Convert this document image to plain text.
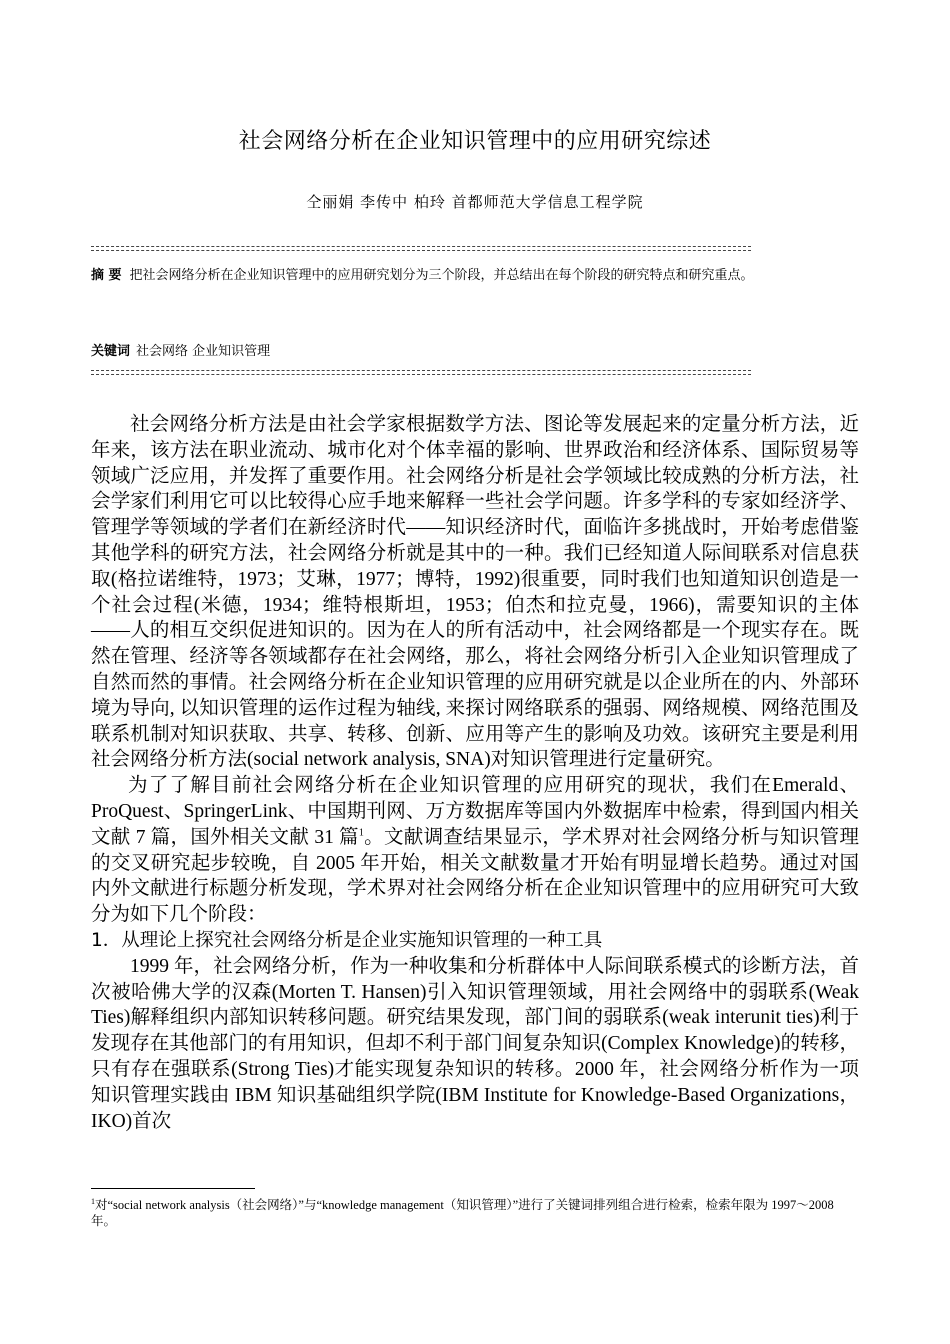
社会网络分析在企业知识管理中的应用研究综述
仝丽娟 李传中 柏玲 首都师范大学信息工程学院
摘 要 把社会网络分析在企业知识管理中的应用研究划分为三个阶段，并总结出在每个阶段的研究特点和研究重点。
关键词 社会网络 企业知识管理

社会网络分析方法是由社会学家根据数学方法、图论等发展起来的定量分析方法，近年来，该方法在职业流动、城市化对个体幸福的影响、世界政治和经济体系、国际贸易等领域广泛应用，并发挥了重要作用。社会网络分析是社会学领域比较成熟的分析方法，社会学家们利用它可以比较得心应手地来解释一些社会学问题。许多学科的专家如经济学、管理学等领域的学者们在新经济时代——知识经济时代，面临许多挑战时，开始考虑借鉴其他学科的研究方法，社会网络分析就是其中的一种。我们已经知道人际间联系对信息获取(格拉诺维特，1973；艾琳，1977；博特，1992)很重要，同时我们也知道知识创造是一个社会过程(米德，1934；维特根斯坦，1953；伯杰和拉克曼，1966)，需要知识的主体——人的相互交织促进知识的。因为在人的所有活动中，社会网络都是一个现实存在。既然在管理、经济等各领域都存在社会网络，那么，将社会网络分析引入企业知识管理成了自然而然的事情。社会网络分析在企业知识管理的应用研究就是以企业所在的内、外部环境为导向, 以知识管理的运作过程为轴线, 来探讨网络联系的强弱、网络规模、网络范围及联系机制对知识获取、共享、转移、创新、应用等产生的影响及功效。该研究主要是利用社会网络分析方法(social network analysis, SNA)对知识管理进行定量研究。

为了了解目前社会网络分析在企业知识管理的应用研究的现状，我们在Emerald、ProQuest、SpringerLink、中国期刊网、万方数据库等国内外数据库中检索，得到国内相关文献 7 篇，国外相关文献 31 篇$^1$。文献调查结果显示，学术界对社会网络分析与知识管理的交叉研究起步较晚，自 2005 年开始，相关文献数量才开始有明显增长趋势。通过对国内外文献进行标题分析发现，学术界对社会网络分析在企业知识管理中的应用研究可大致分为如下几个阶段：

1．从理论上探究社会网络分析是企业实施知识管理的一种工具

1999 年，社会网络分析，作为一种收集和分析群体中人际间联系模式的诊断方法，首次被哈佛大学的汉森(Morten T. Hansen)引入知识管理领域，用社会网络中的弱联系(Weak Ties)解释组织内部知识转移问题。研究结果发现，部门间的弱联系(weak interunit ties)利于发现存在其他部门的有用知识，但却不利于部门间复杂知识(Complex Knowledge)的转移，只有存在强联系(Strong Ties)才能实现复杂知识的转移。2000 年，社会网络分析作为一项知识管理实践由 IBM 知识基础组织学院(IBM Institute for Knowledge-Based Organizations，IKO)首次

$^1$对“social network analysis（社会网络）”与“knowledge management（知识管理）”进行了关键词排列组合进行检索，检索年限为 1997～2008 年。
